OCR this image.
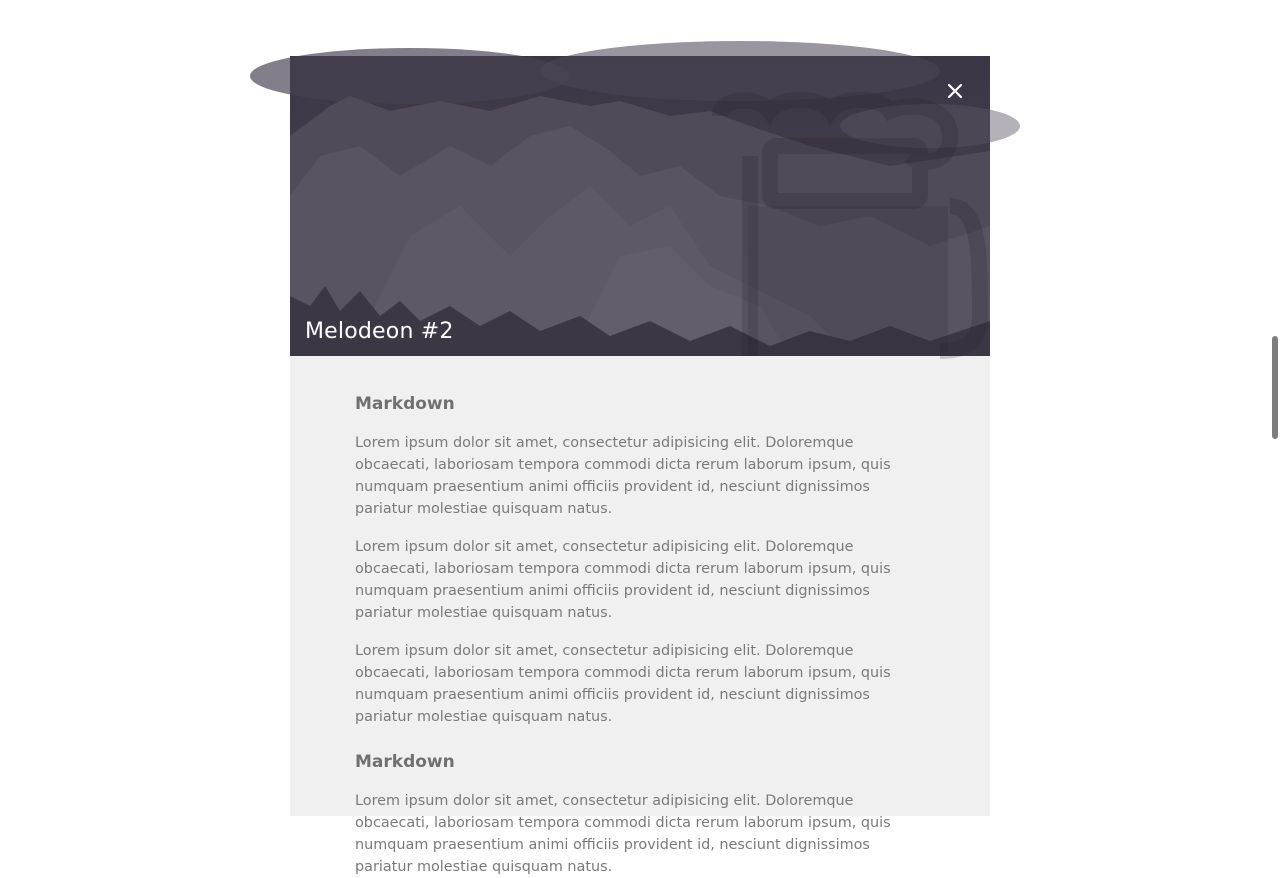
Melodeon #2
Markdown

Lorem ipsum dolor sit amet, consectetur adipisicing elit. Doloremque obcaecati, laboriosam tempora commodi dicta rerum laborum ipsum, quis numquam praesentium animi officiis provident id, nesciunt dignissimos pariatur molestiae quisquam natus.

Lorem ipsum dolor sit amet, consectetur adipisicing elit. Doloremque obcaecati, laboriosam tempora commodi dicta rerum laborum ipsum, quis numquam praesentium animi officiis provident id, nesciunt dignissimos pariatur molestiae quisquam natus.

Lorem ipsum dolor sit amet, consectetur adipisicing elit. Doloremque obcaecati, laboriosam tempora commodi dicta rerum laborum ipsum, quis numquam praesentium animi officiis provident id, nesciunt dignissimos pariatur molestiae quisquam natus.

Markdown

Lorem ipsum dolor sit amet, consectetur adipisicing elit. Doloremque obcaecati, laboriosam tempora commodi dicta rerum laborum ipsum, quis numquam praesentium animi officiis provident id, nesciunt dignissimos pariatur molestiae quisquam natus.
